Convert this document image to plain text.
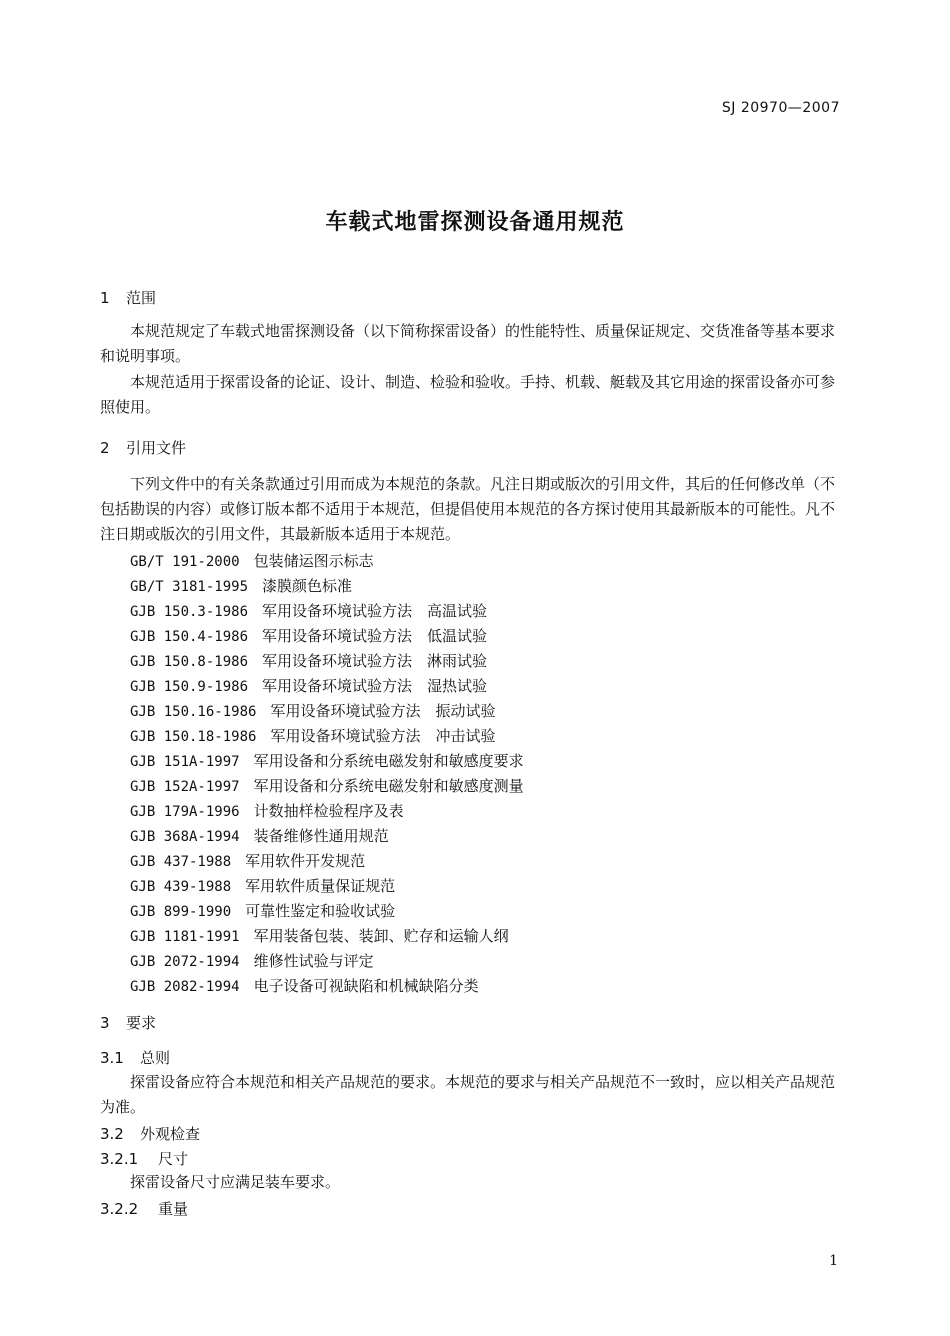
SJ 20970—2007
车载式地雷探测设备通用规范
1 范围

本规范规定了车载式地雷探测设备（以下简称探雷设备）的性能特性、质量保证规定、交货准备等基本要求和说明事项。

本规范适用于探雷设备的论证、设计、制造、检验和验收。手持、机载、艇载及其它用途的探雷设备亦可参照使用。

2 引用文件

下列文件中的有关条款通过引用而成为本规范的条款。凡注日期或版次的引用文件，其后的任何修改单（不包括勘误的内容）或修订版本都不适用于本规范，但提倡使用本规范的各方探讨使用其最新版本的可能性。凡不注日期或版次的引用文件，其最新版本适用于本规范。

GB/T 191-2000 包装储运图示标志
GB/T 3181-1995 漆膜颜色标准
GJB 150.3-1986 军用设备环境试验方法　高温试验
GJB 150.4-1986 军用设备环境试验方法　低温试验
GJB 150.8-1986 军用设备环境试验方法　淋雨试验
GJB 150.9-1986 军用设备环境试验方法　湿热试验
GJB 150.16-1986 军用设备环境试验方法　振动试验
GJB 150.18-1986 军用设备环境试验方法　冲击试验
GJB 151A-1997 军用设备和分系统电磁发射和敏感度要求
GJB 152A-1997 军用设备和分系统电磁发射和敏感度测量
GJB 179A-1996 计数抽样检验程序及表
GJB 368A-1994 装备维修性通用规范
GJB 437-1988 军用软件开发规范
GJB 439-1988 军用软件质量保证规范
GJB 899-1990 可靠性鉴定和验收试验
GJB 1181-1991 军用装备包装、装卸、贮存和运输人纲
GJB 2072-1994 维修性试验与评定
GJB 2082-1994 电子设备可视缺陷和机械缺陷分类
3 要求
3.1 总则

探雷设备应符合本规范和相关产品规范的要求。本规范的要求与相关产品规范不一致时，应以相关产品规范为准。

3.2 外观检查
3.2.1 尺寸

探雷设备尺寸应满足装车要求。

3.2.2 重量
1
